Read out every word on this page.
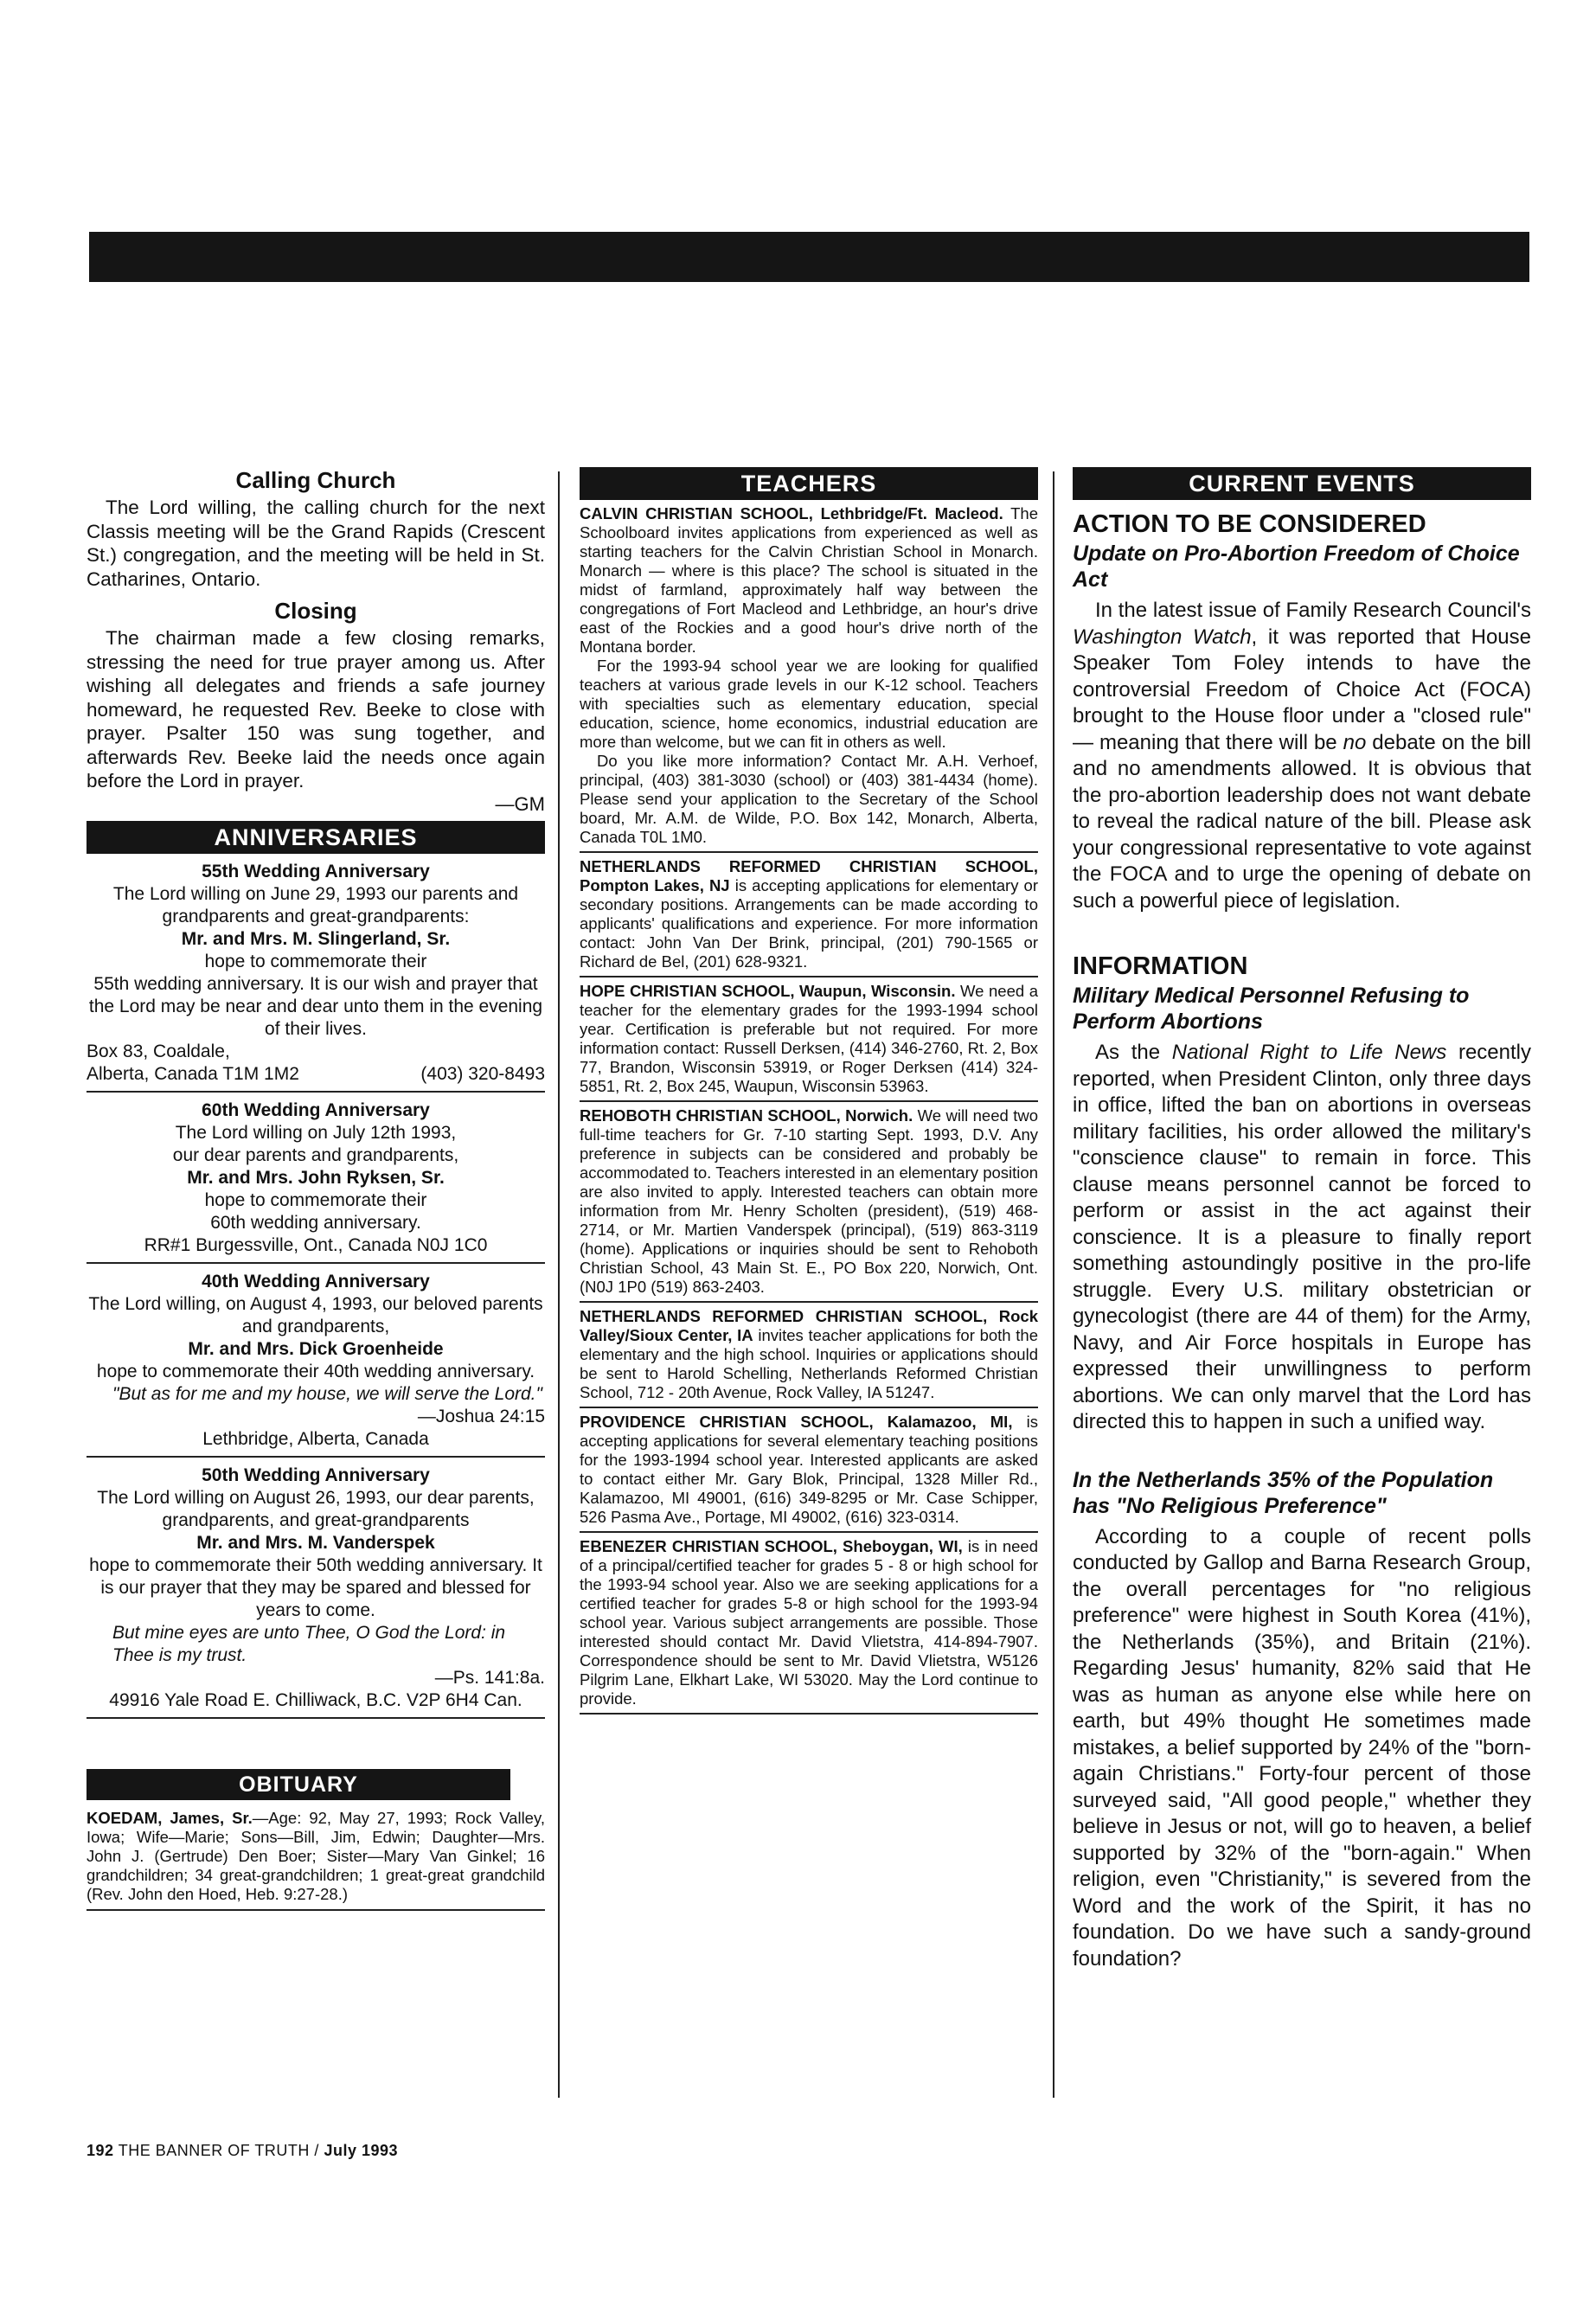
Calling Church

The Lord willing, the calling church for the next Classis meeting will be the Grand Rapids (Crescent St.) congregation, and the meeting will be held in St. Catharines, Ontario.

Closing

The chairman made a few closing remarks, stressing the need for true prayer among us. After wishing all delegates and friends a safe journey homeward, he requested Rev. Beeke to close with prayer. Psalter 150 was sung together, and afterwards Rev. Beeke laid the needs once again before the Lord in prayer.

—GM

ANNIVERSARIES
55th Wedding Anniversary
The Lord willing on June 29, 1993 our parents and grandparents and great-grandparents:
Mr. and Mrs. M. Slingerland, Sr.
hope to commemorate their
55th wedding anniversary. It is our wish and prayer that the Lord may be near and dear unto them in the evening of their lives.
Box 83, Coaldale,
Alberta, Canada T1M 1M2	(403) 320-8493
60th Wedding Anniversary
The Lord willing on July 12th 1993,
our dear parents and grandparents,
Mr. and Mrs. John Ryksen, Sr.
hope to commemorate their
60th wedding anniversary.
RR#1 Burgessville, Ont., Canada N0J 1C0
40th Wedding Anniversary
The Lord willing, on August 4, 1993, our beloved parents and grandparents,
Mr. and Mrs. Dick Groenheide
hope to commemorate their 40th wedding anniversary.
"But as for me and my house, we will serve the Lord."
—Joshua 24:15
Lethbridge, Alberta, Canada
50th Wedding Anniversary
The Lord willing on August 26, 1993, our dear parents, grandparents, and great-grandparents
Mr. and Mrs. M. Vanderspek
hope to commemorate their 50th wedding anniversary. It is our prayer that they may be spared and blessed for years to come.
But mine eyes are unto Thee, O God the Lord: in Thee is my trust.
—Ps. 141:8a.
49916 Yale Road E. Chilliwack, B.C. V2P 6H4 Can.
OBITUARY
KOEDAM, James, Sr.—Age: 92, May 27, 1993; Rock Valley, Iowa; Wife—Marie; Sons—Bill, Jim, Edwin; Daughter—Mrs. John J. (Gertrude) Den Boer; Sister—Mary Van Ginkel; 16 grandchildren; 34 great-grandchildren; 1 great-great grandchild (Rev. John den Hoed, Heb. 9:27-28.)
TEACHERS

CALVIN CHRISTIAN SCHOOL, Lethbridge/Ft. Macleod. The Schoolboard invites applications from experienced as well as starting teachers for the Calvin Christian School in Monarch. Monarch — where is this place? The school is situated in the midst of farmland, approximately half way between the congregations of Fort Macleod and Lethbridge, an hour's drive east of the Rockies and a good hour's drive north of the Montana border.

For the 1993-94 school year we are looking for qualified teachers at various grade levels in our K-12 school. Teachers with specialties such as elementary education, special education, science, home economics, industrial education are more than welcome, but we can fit in others as well.

Do you like more information? Contact Mr. A.H. Verhoef, principal, (403) 381-3030 (school) or (403) 381-4434 (home). Please send your application to the Secretary of the School board, Mr. A.M. de Wilde, P.O. Box 142, Monarch, Alberta, Canada T0L 1M0.

NETHERLANDS REFORMED CHRISTIAN SCHOOL, Pompton Lakes, NJ is accepting applications for elementary or secondary positions. Arrangements can be made according to applicants' qualifications and experience. For more information contact: John Van Der Brink, principal, (201) 790-1565 or Richard de Bel, (201) 628-9321.
HOPE CHRISTIAN SCHOOL, Waupun, Wisconsin. We need a teacher for the elementary grades for the 1993-1994 school year. Certification is preferable but not required. For more information contact: Russell Derksen, (414) 346-2760, Rt. 2, Box 77, Brandon, Wisconsin 53919, or Roger Derksen (414) 324-5851, Rt. 2, Box 245, Waupun, Wisconsin 53963.
REHOBOTH CHRISTIAN SCHOOL, Norwich. We will need two full-time teachers for Gr. 7-10 starting Sept. 1993, D.V. Any preference in subjects can be considered and probably be accommodated to. Teachers interested in an elementary position are also invited to apply. Interested teachers can obtain more information from Mr. Henry Scholten (president), (519) 468-2714, or Mr. Martien Vanderspek (principal), (519) 863-3119 (home). Applications or inquiries should be sent to Rehoboth Christian School, 43 Main St. E., PO Box 220, Norwich, Ont. (N0J 1P0 (519) 863-2403.
NETHERLANDS REFORMED CHRISTIAN SCHOOL, Rock Valley/Sioux Center, IA invites teacher applications for both the elementary and the high school. Inquiries or applications should be sent to Harold Schelling, Netherlands Reformed Christian School, 712 - 20th Avenue, Rock Valley, IA 51247.
PROVIDENCE CHRISTIAN SCHOOL, Kalamazoo, MI, is accepting applications for several elementary teaching positions for the 1993-1994 school year. Interested applicants are asked to contact either Mr. Gary Blok, Principal, 1328 Miller Rd., Kalamazoo, MI 49001, (616) 349-8295 or Mr. Case Schipper, 526 Pasma Ave., Portage, MI 49002, (616) 323-0314.
EBENEZER CHRISTIAN SCHOOL, Sheboygan, WI, is in need of a principal/certified teacher for grades 5 - 8 or high school for the 1993-94 school year. Also we are seeking applications for a certified teacher for grades 5-8 or high school for the 1993-94 school year. Various subject arrangements are possible. Those interested should contact Mr. David Vlietstra, 414-894-7907. Correspondence should be sent to Mr. David Vlietstra, W5126 Pilgrim Lane, Elkhart Lake, WI 53020. May the Lord continue to provide.
CURRENT EVENTS
ACTION TO BE CONSIDERED
Update on Pro-Abortion Freedom of Choice Act

In the latest issue of Family Research Council's Washington Watch, it was reported that House Speaker Tom Foley intends to have the controversial Freedom of Choice Act (FOCA) brought to the House floor under a "closed rule" — meaning that there will be no debate on the bill and no amendments allowed. It is obvious that the pro-abortion leadership does not want debate to reveal the radical nature of the bill. Please ask your congressional representative to vote against the FOCA and to urge the opening of debate on such a powerful piece of legislation.

INFORMATION
Military Medical Personnel Refusing to Perform Abortions

As the National Right to Life News recently reported, when President Clinton, only three days in office, lifted the ban on abortions in overseas military facilities, his order allowed the military's "conscience clause" to remain in force. This clause means personnel cannot be forced to perform or assist in the act against their conscience. It is a pleasure to finally report something astoundingly positive in the pro-life struggle. Every U.S. military obstetrician or gynecologist (there are 44 of them) for the Army, Navy, and Air Force hospitals in Europe has expressed their unwillingness to perform abortions. We can only marvel that the Lord has directed this to happen in such a unified way.

In the Netherlands 35% of the Population has "No Religious Preference"

According to a couple of recent polls conducted by Gallop and Barna Research Group, the overall percentages for "no religious preference" were highest in South Korea (41%), the Netherlands (35%), and Britain (21%). Regarding Jesus' humanity, 82% said that He was as human as anyone else while here on earth, but 49% thought He sometimes made mistakes, a belief supported by 24% of the "born-again Christians." Forty-four percent of those surveyed said, "All good people," whether they believe in Jesus or not, will go to heaven, a belief supported by 32% of the "born-again." When religion, even "Christianity," is severed from the Word and the work of the Spirit, it has no foundation. Do we have such a sandy-ground foundation?

192 THE BANNER OF TRUTH / July 1993
